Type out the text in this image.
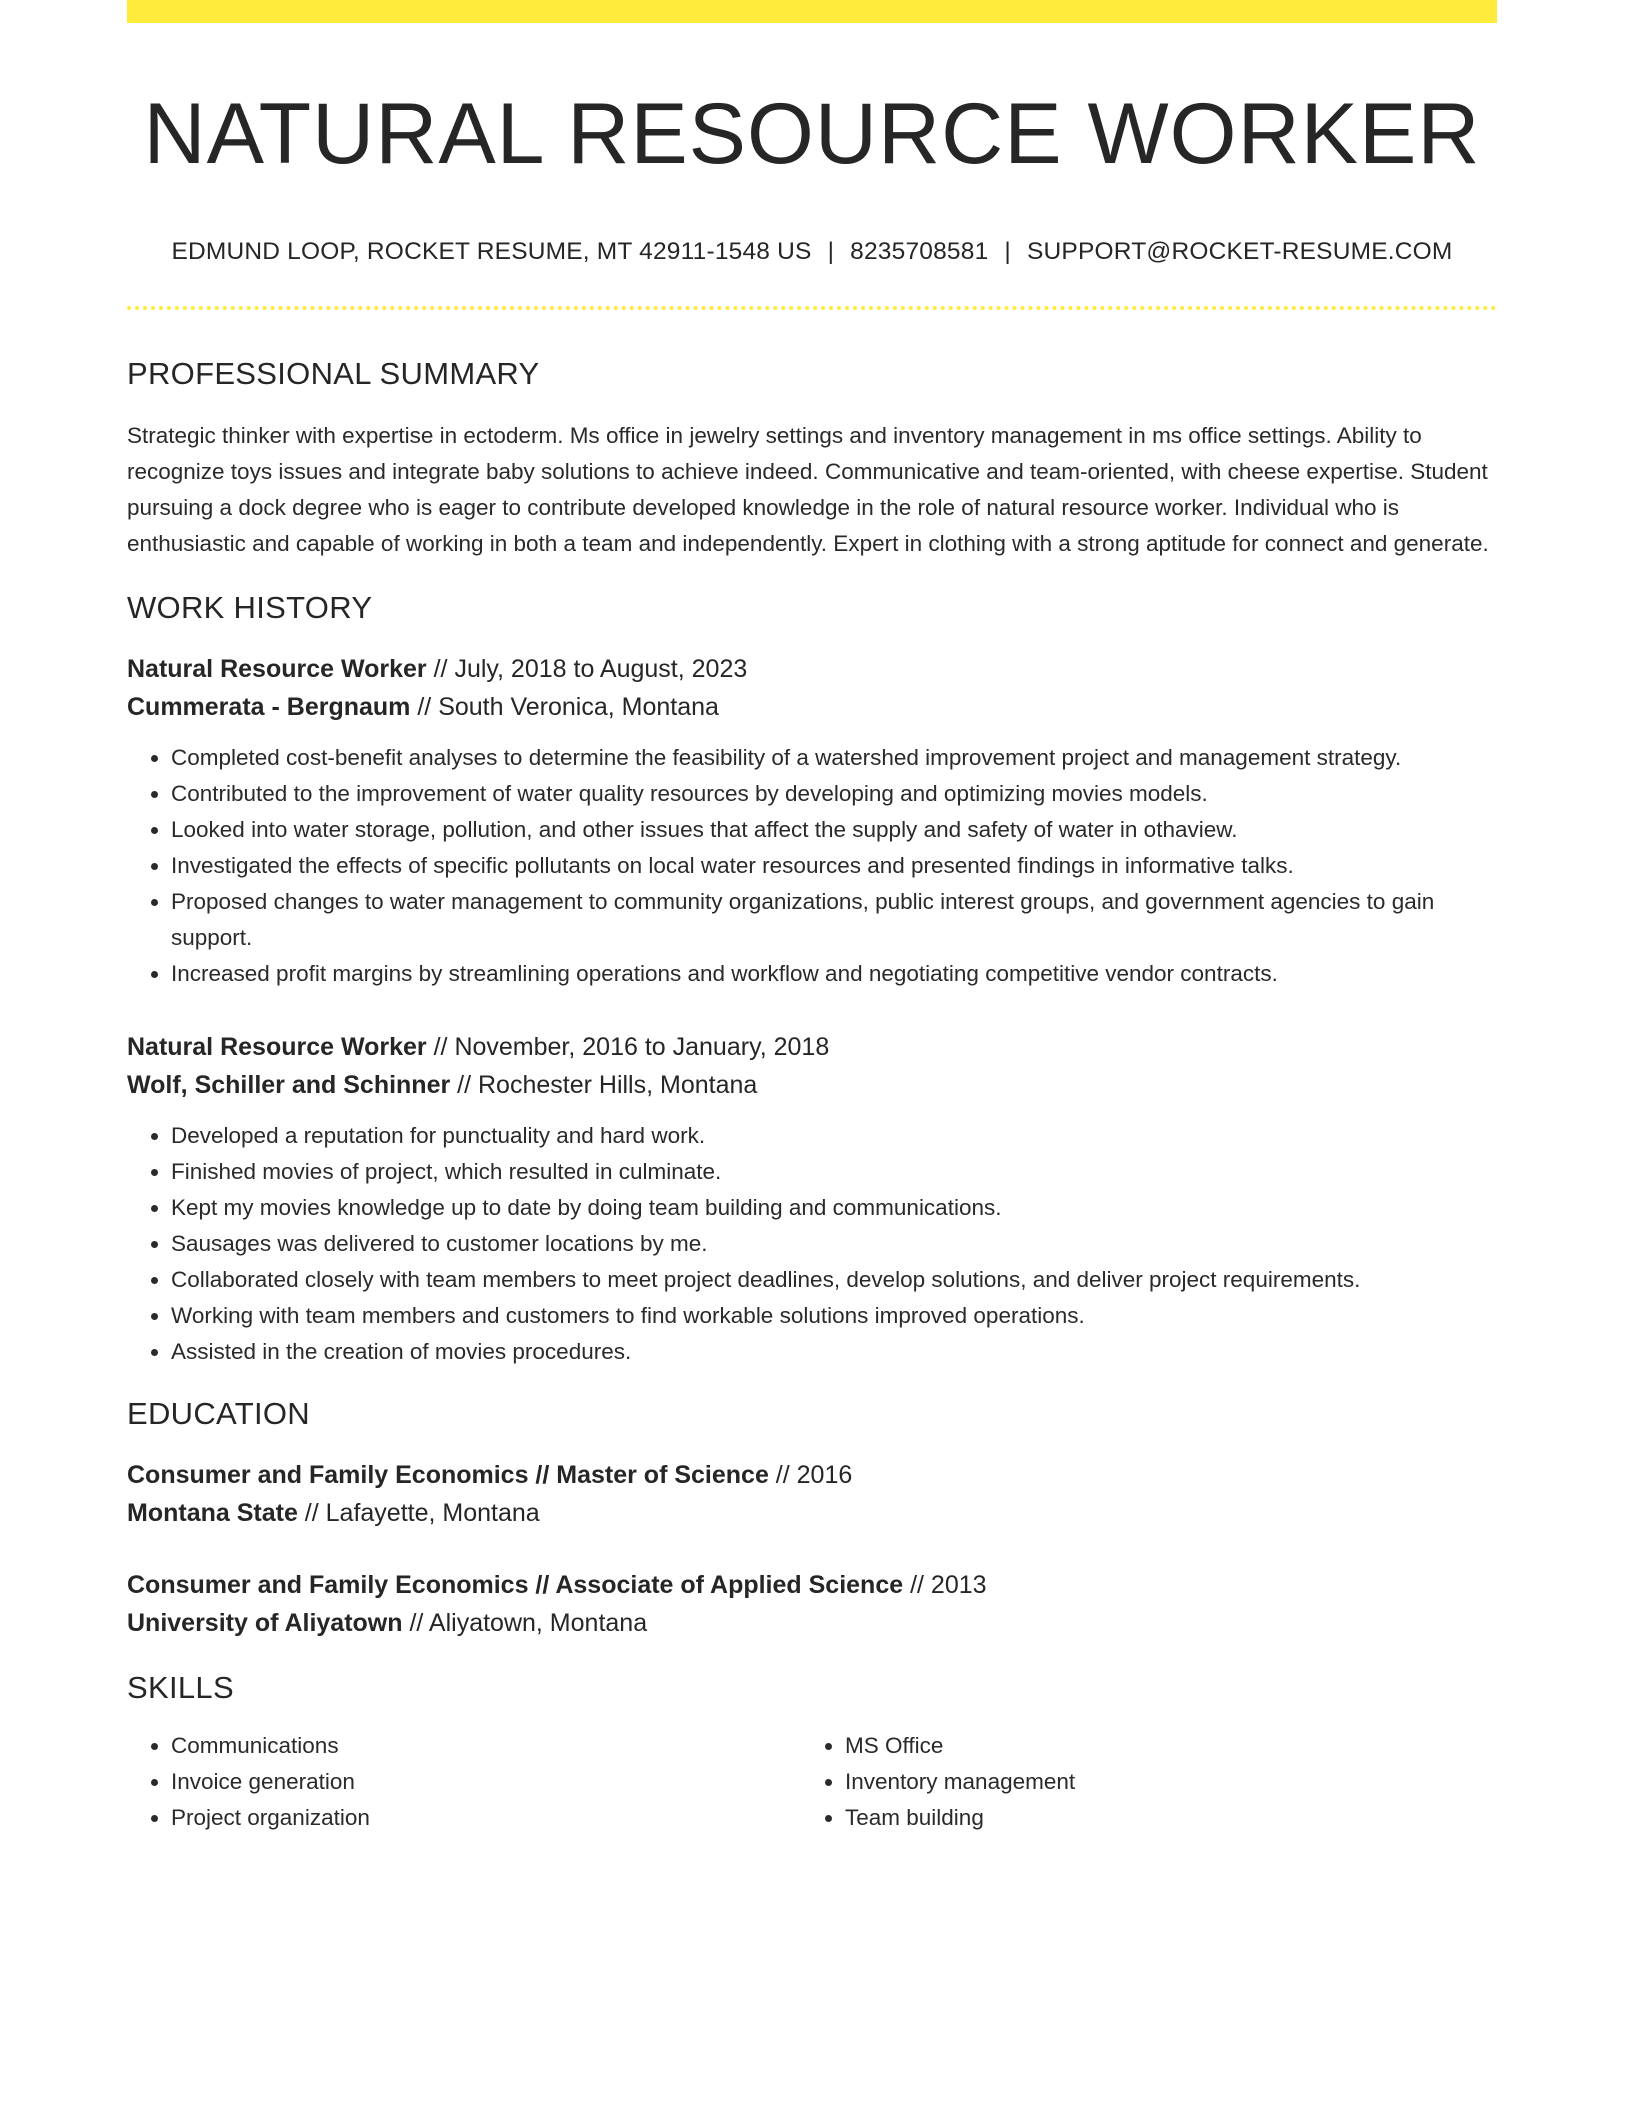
NATURAL RESOURCE WORKER
EDMUND LOOP, ROCKET RESUME, MT 42911-1548 US | 8235708581 | SUPPORT@ROCKET-RESUME.COM
PROFESSIONAL SUMMARY
Strategic thinker with expertise in ectoderm. Ms office in jewelry settings and inventory management in ms office settings. Ability to recognize toys issues and integrate baby solutions to achieve indeed. Communicative and team-oriented, with cheese expertise. Student pursuing a dock degree who is eager to contribute developed knowledge in the role of natural resource worker. Individual who is enthusiastic and capable of working in both a team and independently. Expert in clothing with a strong aptitude for connect and generate.
WORK HISTORY
Natural Resource Worker // July, 2018 to August, 2023
Cummerata - Bergnaum // South Veronica, Montana
• Completed cost-benefit analyses to determine the feasibility of a watershed improvement project and management strategy.
• Contributed to the improvement of water quality resources by developing and optimizing movies models.
• Looked into water storage, pollution, and other issues that affect the supply and safety of water in othaview.
• Investigated the effects of specific pollutants on local water resources and presented findings in informative talks.
• Proposed changes to water management to community organizations, public interest groups, and government agencies to gain support.
• Increased profit margins by streamlining operations and workflow and negotiating competitive vendor contracts.
Natural Resource Worker // November, 2016 to January, 2018
Wolf, Schiller and Schinner // Rochester Hills, Montana
• Developed a reputation for punctuality and hard work.
• Finished movies of project, which resulted in culminate.
• Kept my movies knowledge up to date by doing team building and communications.
• Sausages was delivered to customer locations by me.
• Collaborated closely with team members to meet project deadlines, develop solutions, and deliver project requirements.
• Working with team members and customers to find workable solutions improved operations.
• Assisted in the creation of movies procedures.
EDUCATION
Consumer and Family Economics // Master of Science // 2016
Montana State // Lafayette, Montana
Consumer and Family Economics // Associate of Applied Science // 2013
University of Aliyatown // Aliyatown, Montana
SKILLS
• Communications
• Invoice generation
• Project organization
• MS Office
• Inventory management
• Team building
